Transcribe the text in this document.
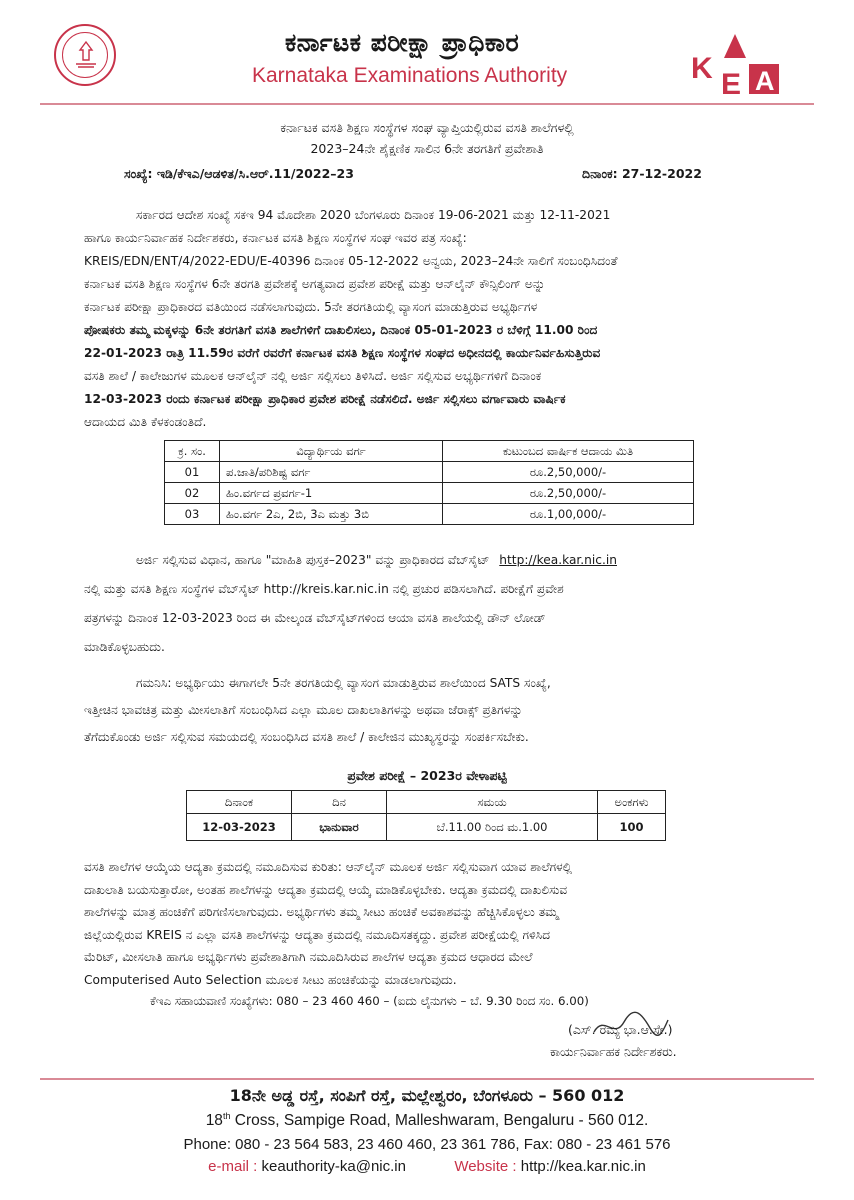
ಕರ್ನಾಟಕ ಪರೀಕ್ಷಾ ಪ್ರಾಧಿಕಾರ
Karnataka Examinations Authority	K E A
ಕರ್ನಾಟಕ ವಸತಿ ಶಿಕ್ಷಣ ಸಂಸ್ಥೆಗಳ ಸಂಘ ವ್ಯಾಪ್ತಿಯಲ್ಲಿರುವ ವಸತಿ ಶಾಲೆಗಳಲ್ಲಿ
2023–24ನೇ ಶೈಕ್ಷಣಿಕ ಸಾಲಿನ 6ನೇ ತರಗತಿಗೆ ಪ್ರವೇಶಾತಿ
ಸಂಖ್ಯೆ: ಇಡಿ/ಕೆಇಎ/ಆಡಳಿತ/ಸಿ.ಆರ್.11/2022–23	ದಿನಾಂಕ: 27-12-2022
ಸರ್ಕಾರದ ಆದೇಶ ಸಂಖ್ಯೆ ಸಕಇ 94 ಮೊದೇಶಾ 2020 ಬೆಂಗಳೂರು ದಿನಾಂಕ 19-06-2021 ಮತ್ತು 12-11-2021
ಹಾಗೂ ಕಾರ್ಯನಿರ್ವಾಹಕ ನಿರ್ದೇಶಕರು, ಕರ್ನಾಟಕ ವಸತಿ ಶಿಕ್ಷಣ ಸಂಸ್ಥೆಗಳ ಸಂಘ ಇವರ ಪತ್ರ ಸಂಖ್ಯೆ:
KREIS/EDN/ENT/4/2022-EDU/E-40396 ದಿನಾಂಕ 05-12-2022 ಅನ್ವಯ, 2023–24ನೇ ಸಾಲಿಗೆ ಸಂಬಂಧಿಸಿದಂತೆ
ಕರ್ನಾಟಕ ವಸತಿ ಶಿಕ್ಷಣ ಸಂಸ್ಥೆಗಳ 6ನೇ ತರಗತಿ ಪ್ರವೇಶಕ್ಕೆ ಅಗತ್ಯವಾದ ಪ್ರವೇಶ ಪರೀಕ್ಷೆ ಮತ್ತು ಆನ್‌ಲೈನ್ ಕೌನ್ಸಿಲಿಂಗ್ ಅನ್ನು
ಕರ್ನಾಟಕ ಪರೀಕ್ಷಾ ಪ್ರಾಧಿಕಾರದ ವತಿಯಿಂದ ನಡೆಸಲಾಗುವುದು. 5ನೇ ತರಗತಿಯಲ್ಲಿ ವ್ಯಾಸಂಗ ಮಾಡುತ್ತಿರುವ ಅಭ್ಯರ್ಥಿಗಳ
ಪೋಷಕರು ತಮ್ಮ ಮಕ್ಕಳನ್ನು 6ನೇ ತರಗತಿಗೆ ವಸತಿ ಶಾಲೆಗಳಿಗೆ ದಾಖಲಿಸಲು, ದಿನಾಂಕ 05-01-2023 ರ ಬೆಳಿಗ್ಗೆ 11.00 ರಿಂದ
22-01-2023 ರಾತ್ರಿ 11.59ರ ವರೆಗೆ ರವರೆಗೆ ಕರ್ನಾಟಕ ವಸತಿ ಶಿಕ್ಷಣ ಸಂಸ್ಥೆಗಳ ಸಂಘದ ಅಧೀನದಲ್ಲಿ ಕಾರ್ಯನಿರ್ವಹಿಸುತ್ತಿರುವ
ವಸತಿ ಶಾಲೆ / ಕಾಲೇಜುಗಳ ಮೂಲಕ ಆನ್‌ಲೈನ್ ನಲ್ಲಿ ಅರ್ಜಿ ಸಲ್ಲಿಸಲು ತಿಳಿಸಿದೆ. ಅರ್ಜಿ ಸಲ್ಲಿಸುವ ಅಭ್ಯರ್ಥಿಗಳಿಗೆ ದಿನಾಂಕ
12-03-2023 ರಂದು ಕರ್ನಾಟಕ ಪರೀಕ್ಷಾ ಪ್ರಾಧಿಕಾರ ಪ್ರವೇಶ ಪರೀಕ್ಷೆ ನಡೆಸಲಿದೆ. ಅರ್ಜಿ ಸಲ್ಲಿಸಲು ವರ್ಗಾವಾರು ವಾರ್ಷಿಕ
ಆದಾಯದ ಮಿತಿ ಕೆಳಕಂಡಂತಿದೆ.
ಕ್ರ. ಸಂ.	ವಿದ್ಯಾರ್ಥಿಯ ವರ್ಗ	ಕುಟುಂಬದ ವಾರ್ಷಿಕ ಆದಾಯ ಮಿತಿ
01	ಪ.ಜಾತಿ/ಪರಿಶಿಷ್ಟ ವರ್ಗ	ರೂ.2,50,000/-
02	ಹಿಂ.ವರ್ಗದ ಪ್ರವರ್ಗ-1	ರೂ.2,50,000/-
03	ಹಿಂ.ವರ್ಗ 2ಎ, 2ಬಿ, 3ಎ ಮತ್ತು 3ಬಿ	ರೂ.1,00,000/-
ಅರ್ಜಿ ಸಲ್ಲಿಸುವ ವಿಧಾನ, ಹಾಗೂ "ಮಾಹಿತಿ ಪುಸ್ತಕ–2023" ವನ್ನು ಪ್ರಾಧಿಕಾರದ ವೆಬ್‌ಸೈಟ್ http://kea.kar.nic.in
ನಲ್ಲಿ ಮತ್ತು ವಸತಿ ಶಿಕ್ಷಣ ಸಂಸ್ಥೆಗಳ ವೆಬ್‌ಸೈಟ್ http://kreis.kar.nic.in ನಲ್ಲಿ ಪ್ರಚುರ ಪಡಿಸಲಾಗಿದೆ. ಪರೀಕ್ಷೆಗೆ ಪ್ರವೇಶ
ಪತ್ರಗಳನ್ನು ದಿನಾಂಕ 12-03-2023 ರಿಂದ ಈ ಮೇಲ್ಕಂಡ ವೆಬ್‌ಸೈಟ್‌ಗಳಿಂದ ಆಯಾ ವಸತಿ ಶಾಲೆಯಲ್ಲಿ ಡೌನ್ ಲೋಡ್
ಮಾಡಿಕೊಳ್ಳಬಹುದು.
ಗಮನಿಸಿ: ಅಭ್ಯರ್ಥಿಯು ಈಗಾಗಲೇ 5ನೇ ತರಗತಿಯಲ್ಲಿ ವ್ಯಾಸಂಗ ಮಾಡುತ್ತಿರುವ ಶಾಲೆಯಿಂದ SATS ಸಂಖ್ಯೆ,
ಇತ್ತೀಚಿನ ಭಾವಚಿತ್ರ ಮತ್ತು ಮೀಸಲಾತಿಗೆ ಸಂಬಂಧಿಸಿದ ಎಲ್ಲಾ ಮೂಲ ದಾಖಲಾತಿಗಳನ್ನು ಅಥವಾ ಜೆರಾಕ್ಸ್ ಪ್ರತಿಗಳನ್ನು
ತೆಗೆದುಕೊಂಡು ಅರ್ಜಿ ಸಲ್ಲಿಸುವ ಸಮಯದಲ್ಲಿ ಸಂಬಂಧಿಸಿದ ವಸತಿ ಶಾಲೆ / ಕಾಲೇಜಿನ ಮುಖ್ಯಸ್ಥರನ್ನು ಸಂಪರ್ಕಿಸಬೇಕು.
ಪ್ರವೇಶ ಪರೀಕ್ಷೆ – 2023ರ ವೇಳಾಪಟ್ಟಿ
ದಿನಾಂಕ	ದಿನ	ಸಮಯ	ಅಂಕಗಳು
12-03-2023	ಭಾನುವಾರ	ಬೆ.11.00 ರಿಂದ ಮ.1.00	100
ವಸತಿ ಶಾಲೆಗಳ ಆಯ್ಕೆಯ ಆದ್ಯತಾ ಕ್ರಮದಲ್ಲಿ ನಮೂದಿಸುವ ಕುರಿತು: ಆನ್‌ಲೈನ್ ಮೂಲಕ ಅರ್ಜಿ ಸಲ್ಲಿಸುವಾಗ ಯಾವ ಶಾಲೆಗಳಲ್ಲಿ
ದಾಖಲಾತಿ ಬಯಸುತ್ತಾರೋ, ಅಂತಹ ಶಾಲೆಗಳನ್ನು ಆದ್ಯತಾ ಕ್ರಮದಲ್ಲಿ ಆಯ್ಕೆ ಮಾಡಿಕೊಳ್ಳಬೇಕು. ಆದ್ಯತಾ ಕ್ರಮದಲ್ಲಿ ದಾಖಲಿಸುವ
ಶಾಲೆಗಳನ್ನು ಮಾತ್ರ ಹಂಚಿಕೆಗೆ ಪರಿಗಣಿಸಲಾಗುವುದು. ಅಭ್ಯರ್ಥಿಗಳು ತಮ್ಮ ಸೀಟು ಹಂಚಿಕೆ ಅವಕಾಶವನ್ನು ಹೆಚ್ಚಿಸಿಕೊಳ್ಳಲು ತಮ್ಮ
ಜಿಲ್ಲೆಯಲ್ಲಿರುವ KREIS ನ ಎಲ್ಲಾ ವಸತಿ ಶಾಲೆಗಳನ್ನು ಆದ್ಯತಾ ಕ್ರಮದಲ್ಲಿ ನಮೂದಿಸತಕ್ಕದ್ದು. ಪ್ರವೇಶ ಪರೀಕ್ಷೆಯಲ್ಲಿ ಗಳಿಸಿದ
ಮೆರಿಟ್, ಮೀಸಲಾತಿ ಹಾಗೂ ಅಭ್ಯರ್ಥಿಗಳು ಪ್ರವೇಶಾತಿಗಾಗಿ ನಮೂದಿಸಿರುವ ಶಾಲೆಗಳ ಆದ್ಯತಾ ಕ್ರಮದ ಆಧಾರದ ಮೇಲೆ
Computerised Auto Selection ಮೂಲಕ ಸೀಟು ಹಂಚಿಕೆಯನ್ನು ಮಾಡಲಾಗುವುದು.
ಕೆಇಎ ಸಹಾಯವಾಣಿ ಸಂಖ್ಯೆಗಳು: 080 – 23 460 460 – (ಐದು ಲೈನುಗಳು – ಬೆ. 9.30 ರಿಂದ ಸಂ. 6.00)
(ಎಸ್. ರಮ್ಯ ಭಾ.ಆ.ಸೇ.)
ಕಾರ್ಯನಿರ್ವಾಹಕ ನಿರ್ದೇಶಕರು.
18ನೇ ಅಡ್ಡ ರಸ್ತೆ, ಸಂಪಿಗೆ ರಸ್ತೆ, ಮಲ್ಲೇಶ್ವರಂ, ಬೆಂಗಳೂರು – 560 012
18th Cross, Sampige Road, Malleshwaram, Bengaluru - 560 012.
Phone: 080 - 23 564 583, 23 460 460, 23 361 786, Fax: 080 - 23 461 576
e-mail : keauthority-ka@nic.in	Website : http://kea.kar.nic.in
